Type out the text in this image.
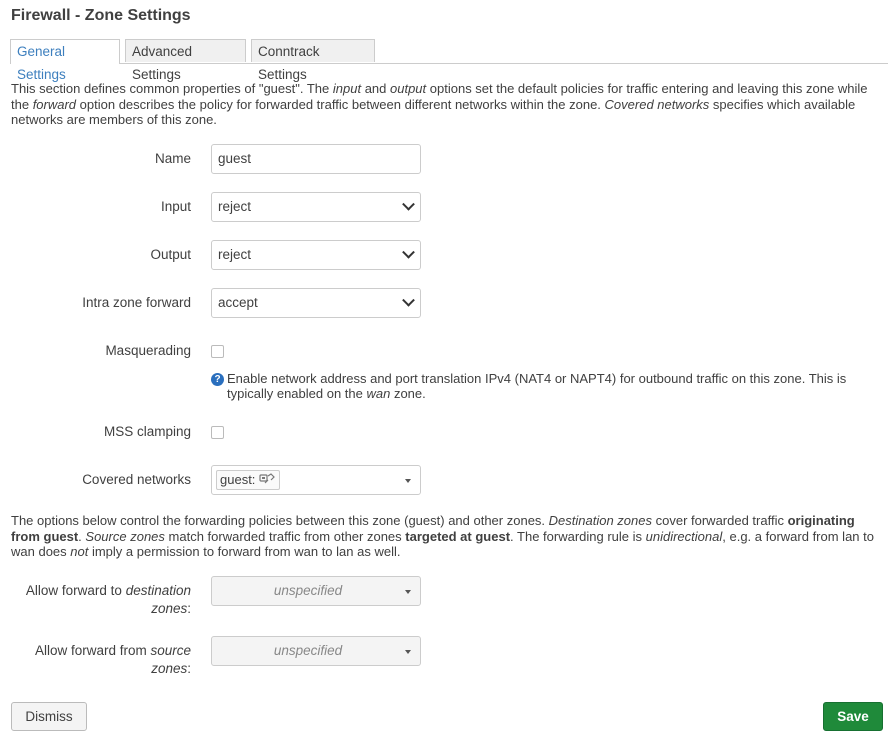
Firewall - Zone Settings
General Settings
Advanced Settings
Conntrack Settings
This section defines common properties of "guest". The input and output options set the default policies for traffic entering and leaving this zone while the forward option describes the policy for forwarded traffic between different networks within the zone. Covered networks specifies which available networks are members of this zone.
Name	guest
Input	reject
Output	reject
Intra zone forward	accept
Masquerading
? Enable network address and port translation IPv4 (NAT4 or NAPT4) for outbound traffic on this zone. This is typically enabled on the wan zone.
MSS clamping
Covered networks	guest:
The options below control the forwarding policies between this zone (guest) and other zones. Destination zones cover forwarded traffic originating from guest. Source zones match forwarded traffic from other zones targeted at guest. The forwarding rule is unidirectional, e.g. a forward from lan to wan does not imply a permission to forward from wan to lan as well.
Allow forward to destination zones:
unspecified
Allow forward from source zones:
unspecified
Dismiss	Save
